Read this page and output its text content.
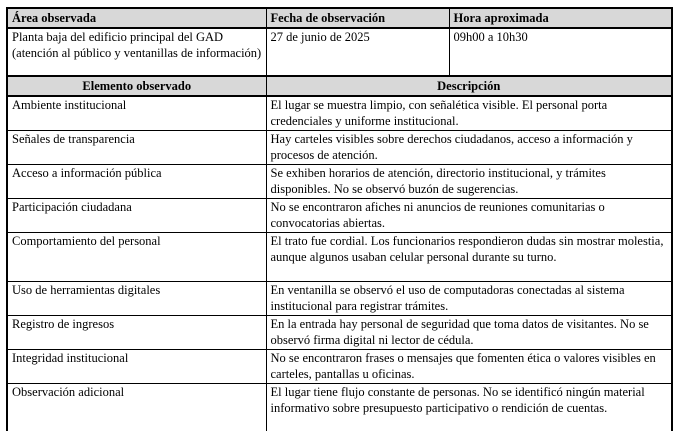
Área observada	Fecha de observación	Hora aproximada
Planta baja del edificio principal del GAD (atención al público y ventanillas de información)	27 de junio de 2025	09h00 a 10h30
Elemento observado	Descripción	
Ambiente institucional	El lugar se muestra limpio, con señalética visible. El personal porta credenciales y uniforme institucional.	
Señales de transparencia	Hay carteles visibles sobre derechos ciudadanos, acceso a información y procesos de atención.	
Acceso a información pública	Se exhiben horarios de atención, directorio institucional, y trámites disponibles. No se observó buzón de sugerencias.	
Participación ciudadana	No se encontraron afiches ni anuncios de reuniones comunitarias o convocatorias abiertas.	
Comportamiento del personal	El trato fue cordial. Los funcionarios respondieron dudas sin mostrar molestia, aunque algunos usaban celular personal durante su turno.	
Uso de herramientas digitales	En ventanilla se observó el uso de computadoras conectadas al sistema institucional para registrar trámites.	
Registro de ingresos	En la entrada hay personal de seguridad que toma datos de visitantes. No se observó firma digital ni lector de cédula.	
Integridad institucional	No se encontraron frases o mensajes que fomenten ética o valores visibles en carteles, pantallas u oficinas.	
Observación adicional	El lugar tiene flujo constante de personas. No se identificó ningún material informativo sobre presupuesto participativo o rendición de cuentas.	
